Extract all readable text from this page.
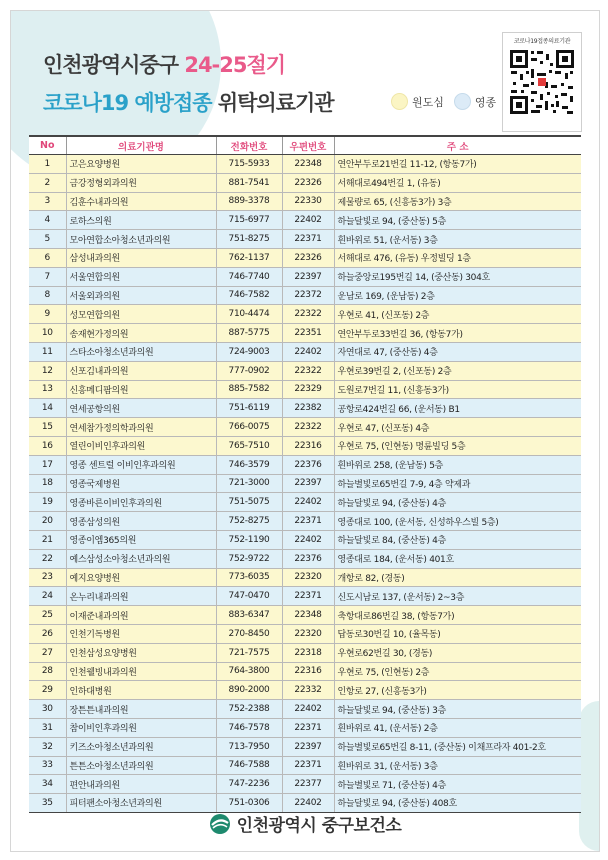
인천광역시중구 24-25절기
코로나19 예방접종 위탁의료기관	원도심	영종
코로나19접종의료기관
No	의료기관명	전화번호	우편번호	주 소
1	고은요양병원	715-5933	22348	연안부두로21번길 11-12, (항동7가)
2	금강정형외과의원	881-7541	22326	서해대로494번길 1, (유동)
3	김훈수내과의원	889-3378	22330	제물량로 65, (신흥동3가) 3층
4	로하스의원	715-6977	22402	하늘달빛로 94, (중산동) 5층
5	모아연합소아청소년과의원	751-8275	22371	흰바위로 51, (운서동) 3층
6	삼성내과의원	762-1137	22326	서해대로 476, (유동) 우정빌딩 1층
7	서울연합의원	746-7740	22397	하늘중앙로195번길 14, (중산동) 304호
8	서울외과의원	746-7582	22372	운남로 169, (운남동) 2층
9	성모연합의원	710-4474	22322	우현로 41, (신포동) 2층
10	송재현가정의원	887-5775	22351	연안부두로33번길 36, (항동7가)
11	스타소아청소년과의원	724-9003	22402	자연대로 47, (중산동) 4층
12	신포김내과의원	777-0902	22322	우현로39번길 2, (신포동) 2층
13	신흥메디팜의원	885-7582	22329	도원로7번길 11, (신흥동3가)
14	연세공항의원	751-6119	22382	공항로424번길 66, (운서동) B1
15	연세참가정의학과의원	766-0075	22322	우현로 47, (신포동) 4층
16	열린이비인후과의원	765-7510	22316	우현로 75, (인현동) 명륜빌딩 5층
17	영종 센트럴 이비인후과의원	746-3579	22376	흰바위로 258, (운남동) 5층
18	영종국제병원	721-3000	22397	하늘별빛로65번길 7-9, 4층 약제과
19	영종바른이비인후과의원	751-5075	22402	하늘달빛로 94, (중산동) 4층
20	영종삼성의원	752-8275	22371	영종대로 100, (운서동, 신성하우스빌 5층)
21	영종이엠365의원	752-1190	22402	하늘달빛로 84, (중산동) 4층
22	예스삼성소아청소년과의원	752-9722	22376	영종대로 184, (운서동) 401호
23	예지요양병원	773-6035	22320	개항로 82, (경동)
24	온누리내과의원	747-0470	22371	신도시남로 137, (운서동) 2~3층
25	이재준내과의원	883-6347	22348	축항대로86번길 38, (항동7가)
26	인천기독병원	270-8450	22320	답동로30번길 10, (율목동)
27	인천삼성요양병원	721-7575	22318	우현로62번길 30, (경동)
28	인천웰빙내과의원	764-3800	22316	우현로 75, (인현동) 2층
29	인하대병원	890-2000	22332	인항로 27, (신흥동3가)
30	장튼튼내과의원	752-2388	22402	하늘달빛로 94, (중산동) 3층
31	참이비인후과의원	746-7578	22371	흰바위로 41, (운서동) 2층
32	키즈소아청소년과의원	713-7950	22397	하늘별빛로65번길 8-11, (중산동) 이채프라자 401-2호
33	튼튼소아청소년과의원	746-7588	22371	흰바위로 31, (운서동) 3층
34	편안내과의원	747-2236	22377	하늘별빛로 71, (중산동) 4층
35	피터팬소아청소년과의원	751-0306	22402	하늘달빛로 94, (중산동) 408호
인천광역시 중구보건소
